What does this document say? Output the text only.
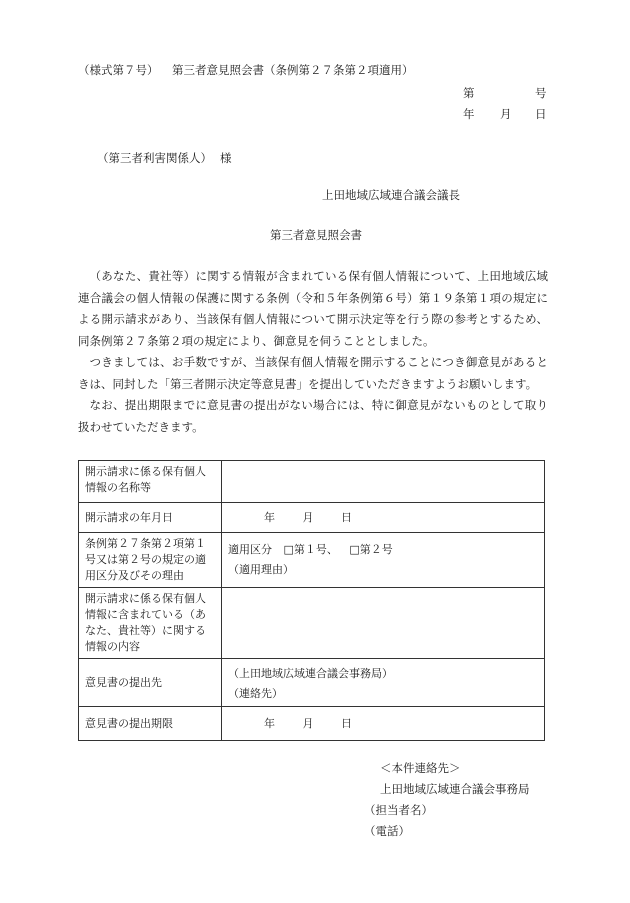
（様式第７号） 第三者意見照会書（条例第２７条第２項適用）
第	号
年 月 日
（第三者利害関係人） 様
上田地域広域連合議会議長
第三者意見照会書
（あなた、貴社等）に関する情報が含まれている保有個人情報について、上田地域広域連合議会の個人情報の保護に関する条例（令和５年条例第６号）第１９条第１項の規定による開示請求があり、当該保有個人情報について開示決定等を行う際の参考とするため、同条例第２７条第２項の規定により、御意見を伺うこととしました。
つきましては、お手数ですが、当該保有個人情報を開示することにつき御意見があるときは、同封した「第三者開示決定等意見書」を提出していただきますようお願いします。
なお、提出期限までに意見書の提出がない場合には、特に御意見がないものとして取り扱わせていただきます。
開示請求に係る保有個人情報の名称等	
開示請求の年月日	年 月 日
条例第２７条第２項第１号又は第２号の規定の適用区分及びその理由	適用区分 □第１号、 □第２号
（適用理由）

開示請求に係る保有個人情報に含まれている（あなた、貴社等）に関する情報の内容	
意見書の提出先	（上田地域広域連合議会事務局）
（連絡先）

意見書の提出期限	年 月 日
＜本件連絡先＞
上田地域広域連合議会事務局
（担当者名）
（電話）
